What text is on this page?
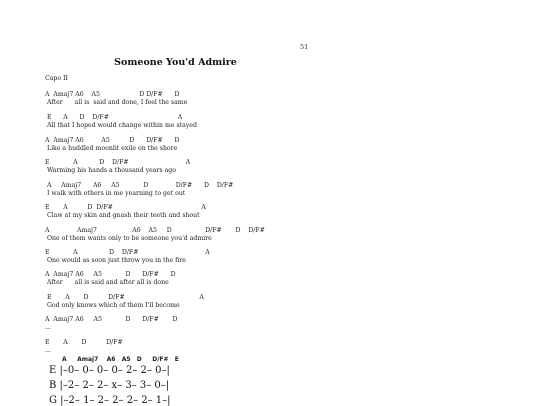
51
Someone You'd Admire
Capo II
A  Amaj7 A6    A5                    D D/F#      D
After      all is  said and done, I feel the same
E      A      D    D/F#                                   A
All that I hoped would change within me stayed
A  Amaj7 A6         A5          D      D/F#      D
Like a huddled moonlit exile on the shore
E            A           D    D/F#                             A
Warming his hands a thousand years ago
A     Amaj7      A6     A5            D              D/F#      D    D/F#
I walk with others in me yearning to get out
E       A          D  D/F#                                             A
Claw at my skin and gnash their teeth and shout
A              Amaj7                  A6    A5     D                 D/F#       D    D/F#
One of them wants only to be someone you'd admire
E            A                D    D/F#                                  A
One would as soon just throw you in the fire
A  Amaj7 A6     A5            D      D/F#      D
After      all is said and after all is done
E       A       D          D/F#                                      A
God only knows which of them I'll become
A  Amaj7 A6     A5            D      D/F#       D
...
E       A       D          D/F#
...
A     Amaj7    A6   A5   D     D/F#   E
E |–0– 0– 0– 0– 2– 2– 0–|
B |–2– 2– 2– x– 3– 3– 0–|
G |–2– 1– 2– 2– 2– 2– 1–|
